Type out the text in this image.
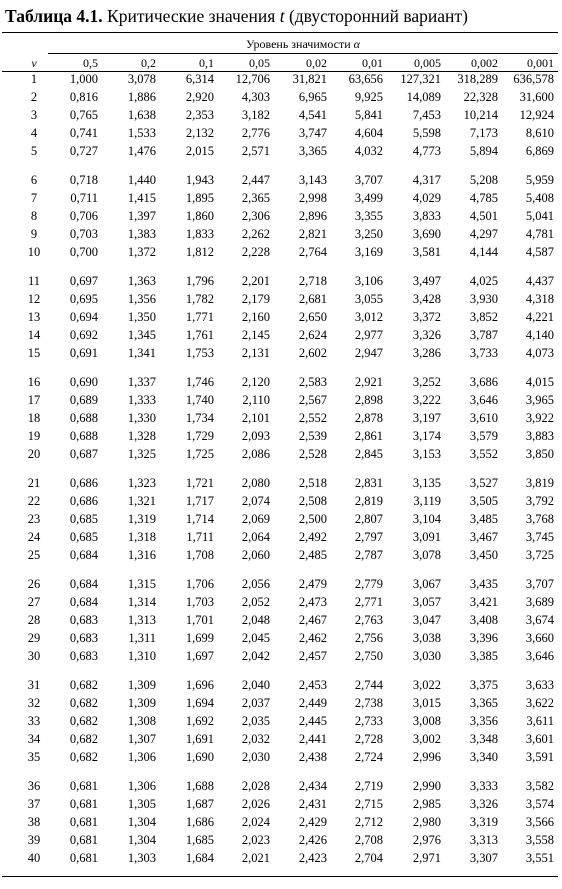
Таблица 4.1. Критические значения t (двусторонний вариант)
Уровень значимости α
ν	0,5	0,2	0,1	0,05	0,02	0,01	0,005	0,002	0,001
1	1,000	3,078	6,314	12,706	31,821	63,656	127,321	318,289	636,578
2	0,816	1,886	2,920	4,303	6,965	9,925	14,089	22,328	31,600
3	0,765	1,638	2,353	3,182	4,541	5,841	7,453	10,214	12,924
4	0,741	1,533	2,132	2,776	3,747	4,604	5,598	7,173	8,610
5	0,727	1,476	2,015	2,571	3,365	4,032	4,773	5,894	6,869
6	0,718	1,440	1,943	2,447	3,143	3,707	4,317	5,208	5,959
7	0,711	1,415	1,895	2,365	2,998	3,499	4,029	4,785	5,408
8	0,706	1,397	1,860	2,306	2,896	3,355	3,833	4,501	5,041
9	0,703	1,383	1,833	2,262	2,821	3,250	3,690	4,297	4,781
10	0,700	1,372	1,812	2,228	2,764	3,169	3,581	4,144	4,587
11	0,697	1,363	1,796	2,201	2,718	3,106	3,497	4,025	4,437
12	0,695	1,356	1,782	2,179	2,681	3,055	3,428	3,930	4,318
13	0,694	1,350	1,771	2,160	2,650	3,012	3,372	3,852	4,221
14	0,692	1,345	1,761	2,145	2,624	2,977	3,326	3,787	4,140
15	0,691	1,341	1,753	2,131	2,602	2,947	3,286	3,733	4,073
16	0,690	1,337	1,746	2,120	2,583	2,921	3,252	3,686	4,015
17	0,689	1,333	1,740	2,110	2,567	2,898	3,222	3,646	3,965
18	0,688	1,330	1,734	2,101	2,552	2,878	3,197	3,610	3,922
19	0,688	1,328	1,729	2,093	2,539	2,861	3,174	3,579	3,883
20	0,687	1,325	1,725	2,086	2,528	2,845	3,153	3,552	3,850
21	0,686	1,323	1,721	2,080	2,518	2,831	3,135	3,527	3,819
22	0,686	1,321	1,717	2,074	2,508	2,819	3,119	3,505	3,792
23	0,685	1,319	1,714	2,069	2,500	2,807	3,104	3,485	3,768
24	0,685	1,318	1,711	2,064	2,492	2,797	3,091	3,467	3,745
25	0,684	1,316	1,708	2,060	2,485	2,787	3,078	3,450	3,725
26	0,684	1,315	1,706	2,056	2,479	2,779	3,067	3,435	3,707
27	0,684	1,314	1,703	2,052	2,473	2,771	3,057	3,421	3,689
28	0,683	1,313	1,701	2,048	2,467	2,763	3,047	3,408	3,674
29	0,683	1,311	1,699	2,045	2,462	2,756	3,038	3,396	3,660
30	0,683	1,310	1,697	2,042	2,457	2,750	3,030	3,385	3,646
31	0,682	1,309	1,696	2,040	2,453	2,744	3,022	3,375	3,633
32	0,682	1,309	1,694	2,037	2,449	2,738	3,015	3,365	3,622
33	0,682	1,308	1,692	2,035	2,445	2,733	3,008	3,356	3,611
34	0,682	1,307	1,691	2,032	2,441	2,728	3,002	3,348	3,601
35	0,682	1,306	1,690	2,030	2,438	2,724	2,996	3,340	3,591
36	0,681	1,306	1,688	2,028	2,434	2,719	2,990	3,333	3,582
37	0,681	1,305	1,687	2,026	2,431	2,715	2,985	3,326	3,574
38	0,681	1,304	1,686	2,024	2,429	2,712	2,980	3,319	3,566
39	0,681	1,304	1,685	2,023	2,426	2,708	2,976	3,313	3,558
40	0,681	1,303	1,684	2,021	2,423	2,704	2,971	3,307	3,551
